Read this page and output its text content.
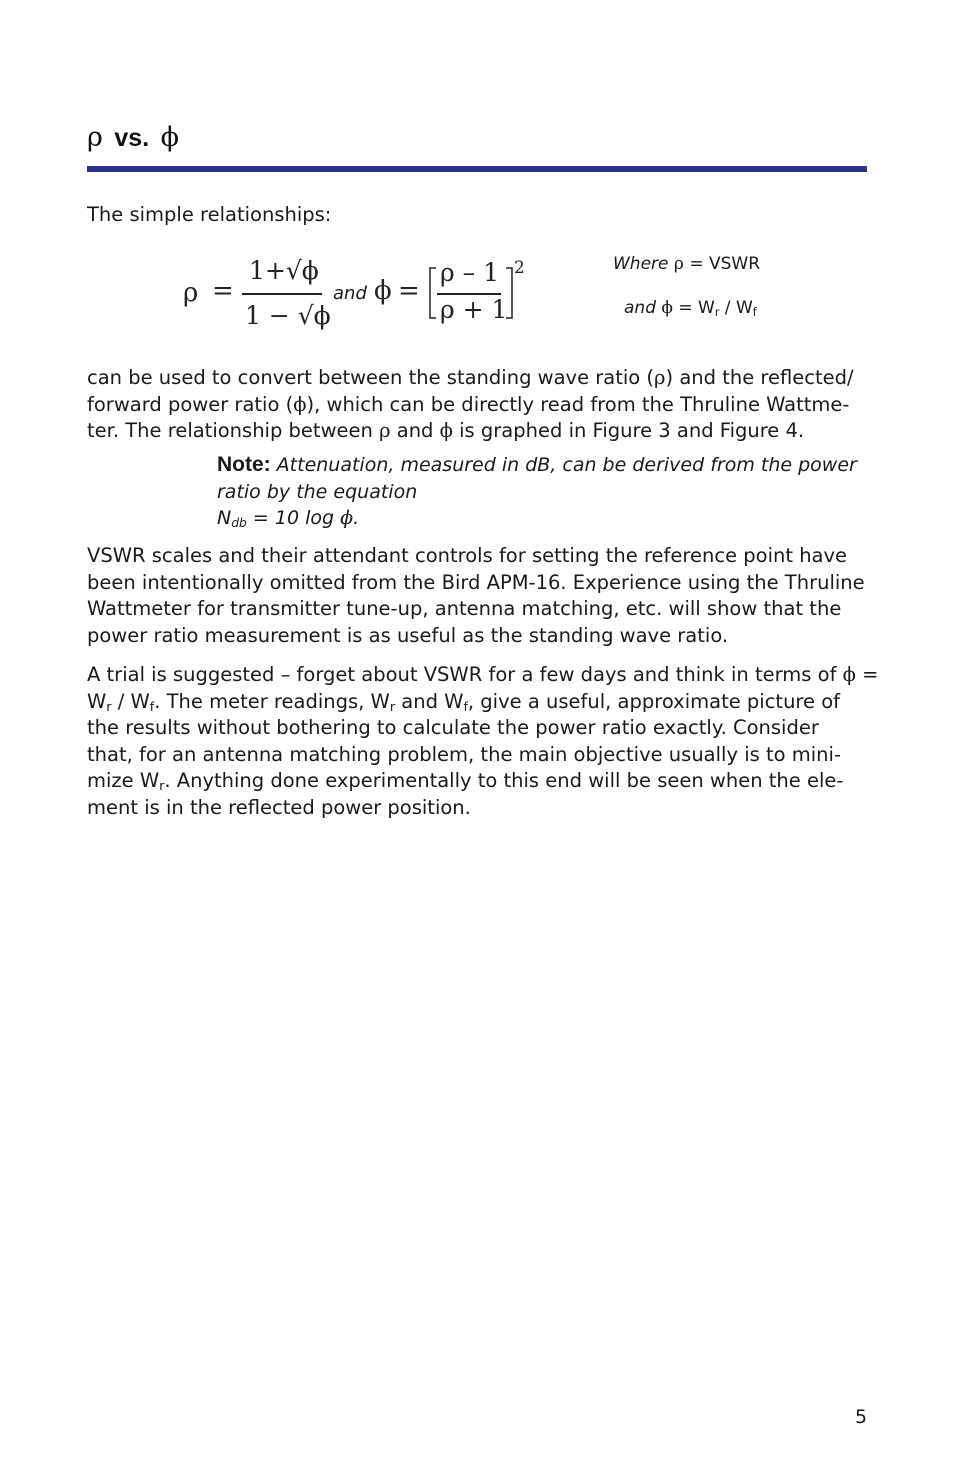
ρ vs. ϕ
The simple relationships:
ρ =
1+√ϕ
1 − √ϕ
and ϕ =
ρ – 1
ρ + 1
2	Where ρ = VSWR
and $\phi = W_r / W_f$
can be used to convert between the standing wave ratio (ρ) and the reflected/
forward power ratio (ϕ), which can be directly read from the Thruline Wattme-
ter. The relationship between ρ and ϕ is graphed in Figure 3 and Figure 4.
Note: Attenuation, measured in dB, can be derived from the power
ratio by the equation
$N_{db} = 10$ log ϕ.
VSWR scales and their attendant controls for setting the reference point have
been intentionally omitted from the Bird APM-16. Experience using the Thruline
Wattmeter for transmitter tune-up, antenna matching, etc. will show that the
power ratio measurement is as useful as the standing wave ratio.
A trial is suggested – forget about VSWR for a few days and think in terms of ϕ =
$W_r / W_f$. The meter readings, $W_r$ and $W_f$, give a useful, approximate picture of
the results without bothering to calculate the power ratio exactly. Consider
that, for an antenna matching problem, the main objective usually is to mini-
mize $W_r$. Anything done experimentally to this end will be seen when the ele-
ment is in the reflected power position.
5
